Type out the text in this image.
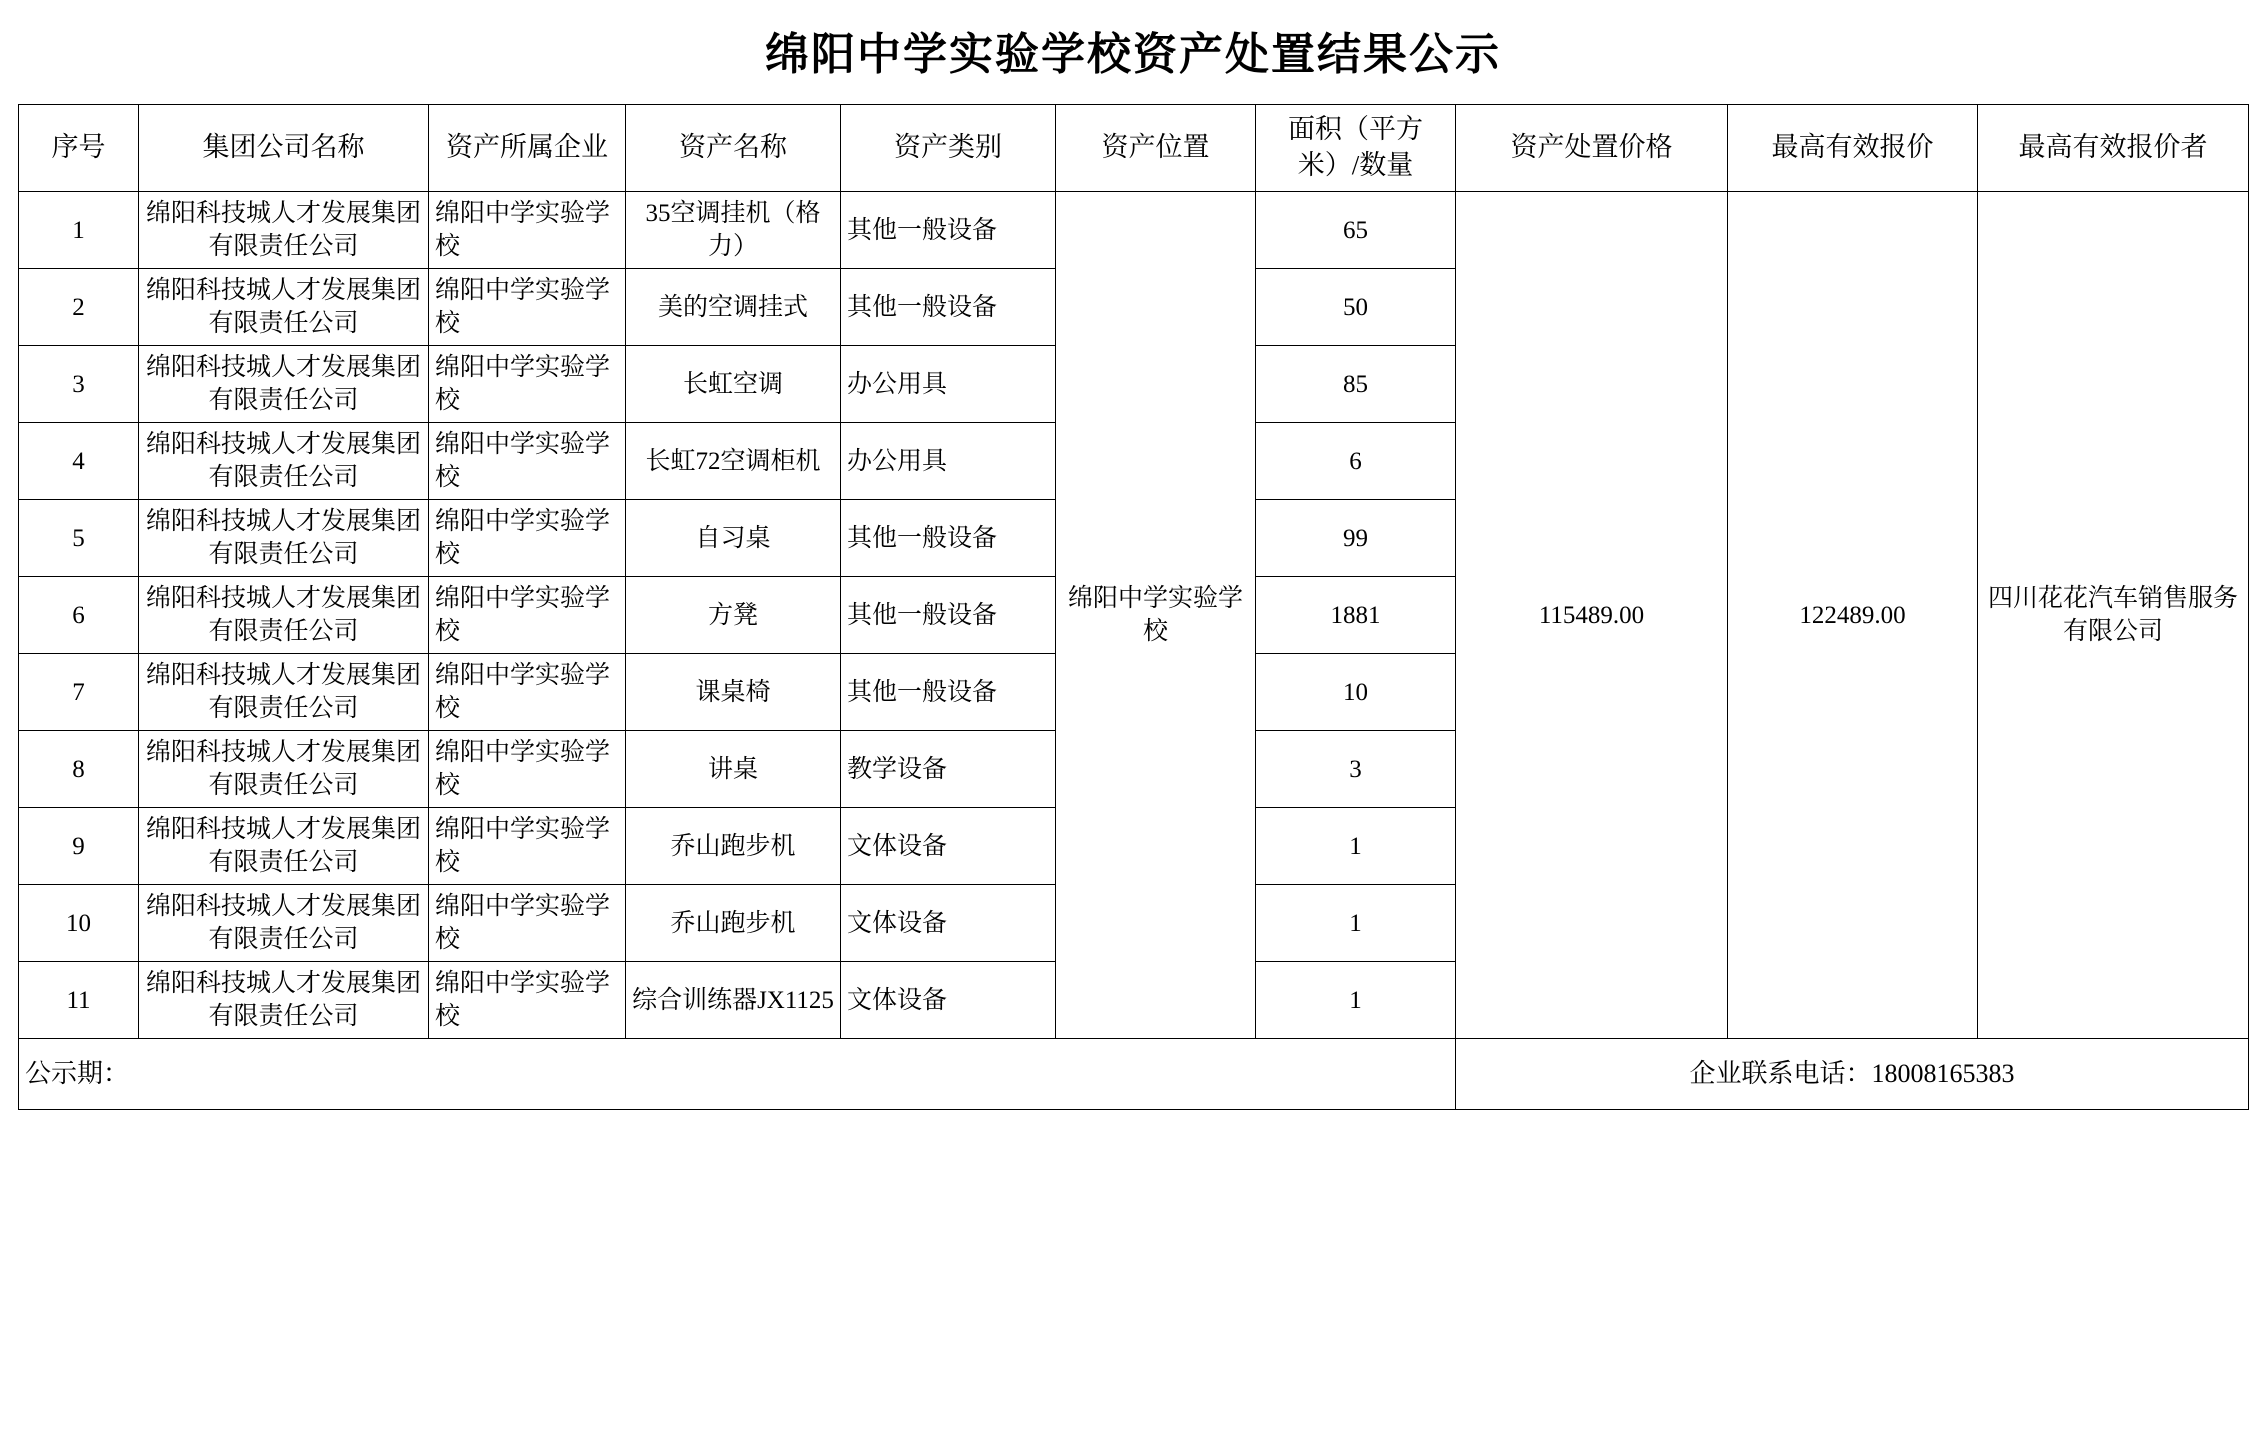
绵阳中学实验学校资产处置结果公示
序号	集团公司名称	资产所属企业	资产名称	资产类别	资产位置	面积（平方米）/数量	资产处置价格	最高有效报价	最高有效报价者
1	绵阳科技城人才发展集团有限责任公司	绵阳中学实验学校	35空调挂机（格力）	其他一般设备	绵阳中学实验学校	65	115489.00	122489.00	四川花花汽车销售服务有限公司
2	绵阳科技城人才发展集团有限责任公司	绵阳中学实验学校	美的空调挂式	其他一般设备		50			
3	绵阳科技城人才发展集团有限责任公司	绵阳中学实验学校	长虹空调	办公用具		85			
4	绵阳科技城人才发展集团有限责任公司	绵阳中学实验学校	长虹72空调柜机	办公用具		6			
5	绵阳科技城人才发展集团有限责任公司	绵阳中学实验学校	自习桌	其他一般设备		99			
6	绵阳科技城人才发展集团有限责任公司	绵阳中学实验学校	方凳	其他一般设备		1881			
7	绵阳科技城人才发展集团有限责任公司	绵阳中学实验学校	课桌椅	其他一般设备		10			
8	绵阳科技城人才发展集团有限责任公司	绵阳中学实验学校	讲桌	教学设备		3			
9	绵阳科技城人才发展集团有限责任公司	绵阳中学实验学校	乔山跑步机	文体设备		1			
10	绵阳科技城人才发展集团有限责任公司	绵阳中学实验学校	乔山跑步机	文体设备		1			
11	绵阳科技城人才发展集团有限责任公司	绵阳中学实验学校	综合训练器JX1125	文体设备		1			
公示期：							企业联系电话：18008165383		
